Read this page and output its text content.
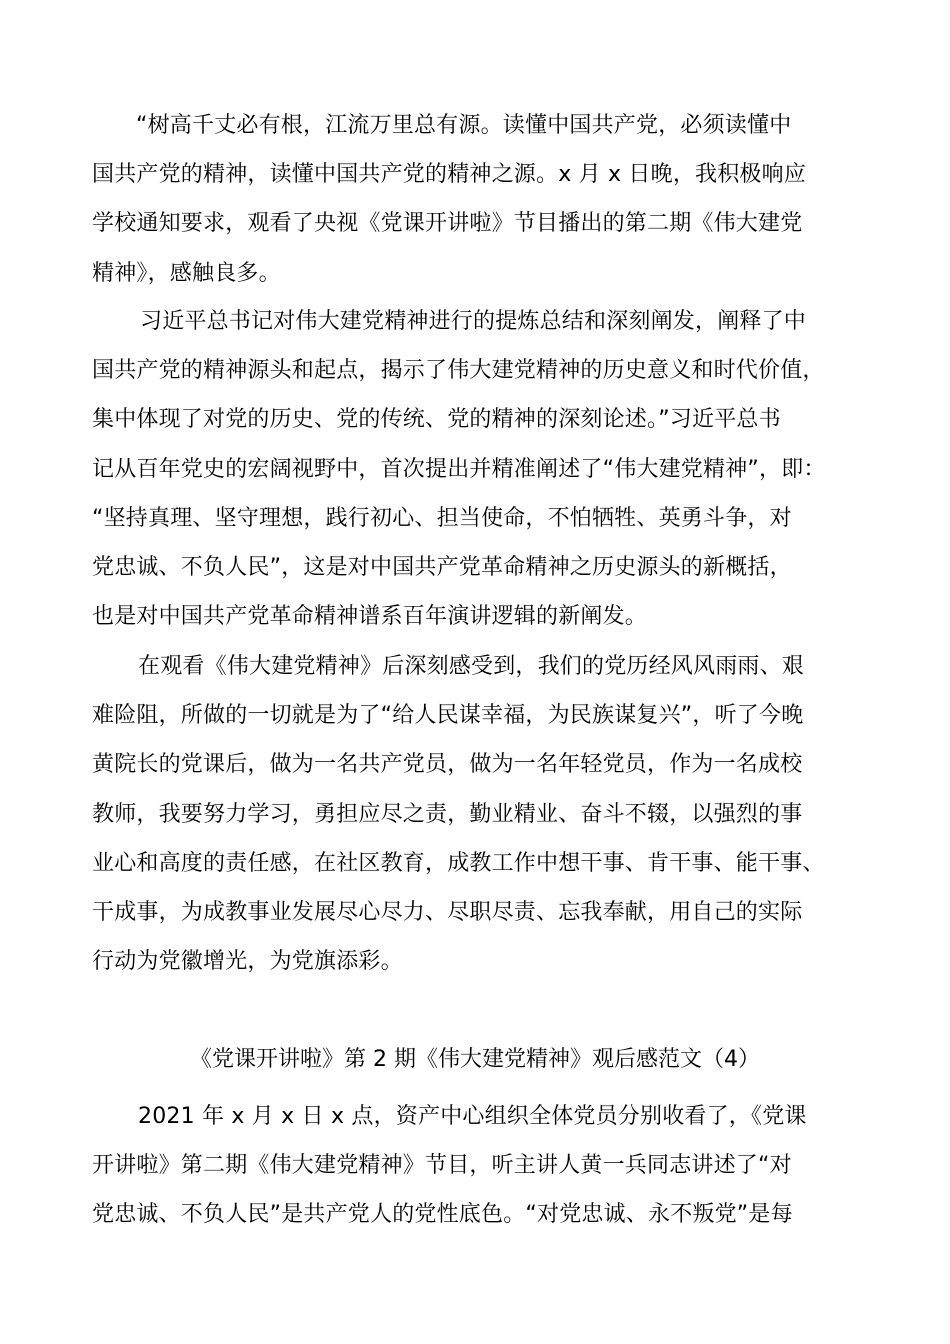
“树高千丈必有根，江流万里总有源。读懂中国共产党，必须读懂中
国共产党的精神，读懂中国共产党的精神之源。x 月 x 日晚，我积极响应
学校通知要求，观看了央视《党课开讲啦》节目播出的第二期《伟大建党
精神》，感触良多。
习近平总书记对伟大建党精神进行的提炼总结和深刻阐发，阐释了中
国共产党的精神源头和起点，揭示了伟大建党精神的历史意义和时代价值，
集中体现了对党的历史、党的传统、党的精神的深刻论述。”习近平总书
记从百年党史的宏阔视野中，首次提出并精准阐述了“伟大建党精神”，即：
“坚持真理、坚守理想，践行初心、担当使命，不怕牺牲、英勇斗争，对
党忠诚、不负人民”，这是对中国共产党革命精神之历史源头的新概括，
也是对中国共产党革命精神谱系百年演讲逻辑的新阐发。
在观看《伟大建党精神》后深刻感受到，我们的党历经风风雨雨、艰
难险阻，所做的一切就是为了“给人民谋幸福，为民族谋复兴”，听了今晚
黄院长的党课后，做为一名共产党员，做为一名年轻党员，作为一名成校
教师，我要努力学习，勇担应尽之责，勤业精业、奋斗不辍，以强烈的事
业心和高度的责任感，在社区教育，成教工作中想干事、肯干事、能干事、
干成事，为成教事业发展尽心尽力、尽职尽责、忘我奉献，用自己的实际
行动为党徽增光，为党旗添彩。
《党课开讲啦》第 2 期《伟大建党精神》观后感范文（4）
2021 年 x 月 x 日 x 点，资产中心组织全体党员分别收看了，《党课
开讲啦》第二期《伟大建党精神》节目，听主讲人黄一兵同志讲述了“对
党忠诚、不负人民”是共产党人的党性底色。“对党忠诚、永不叛党”是每
